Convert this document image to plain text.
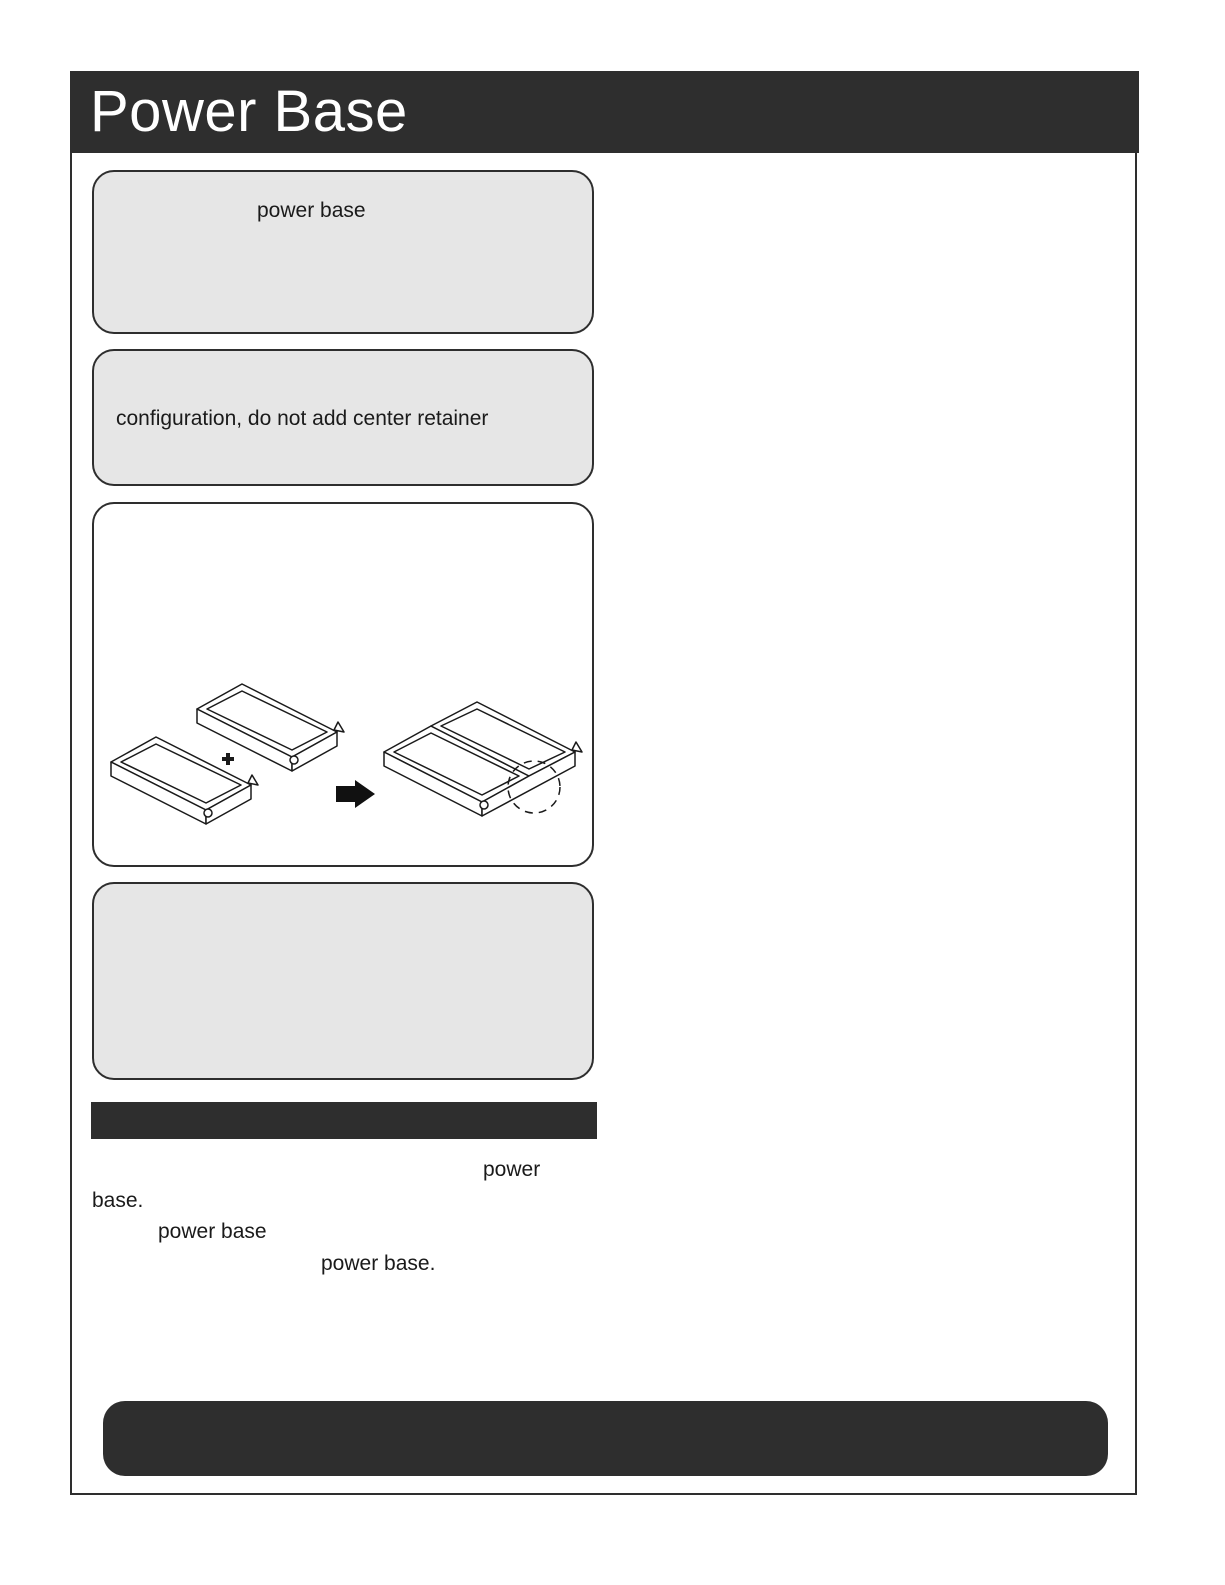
Power Base
power base
configuration, do not add center retainer
power
base.
power base
power base.
